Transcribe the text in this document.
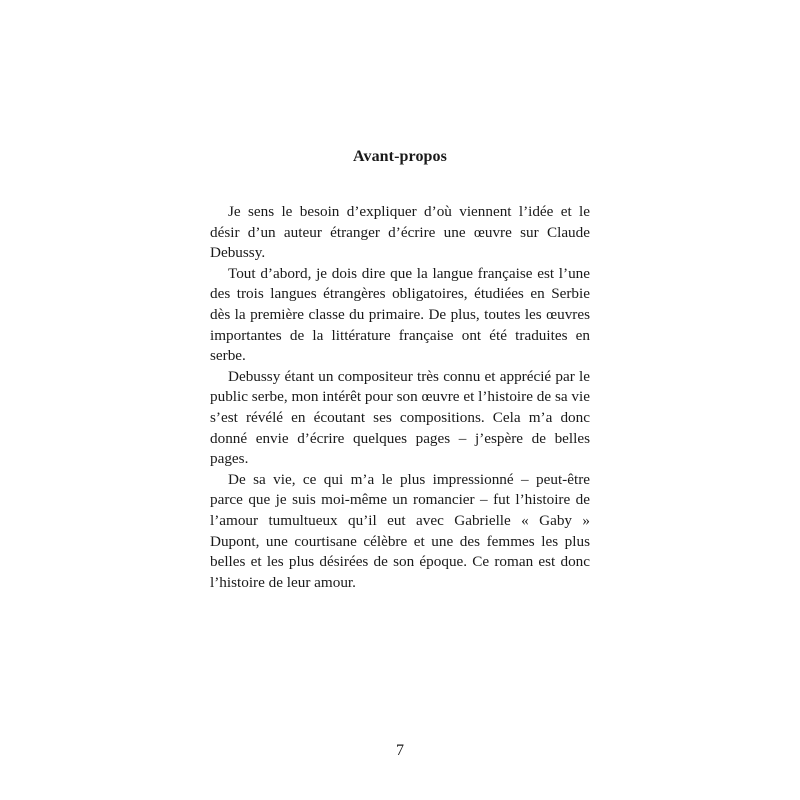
Avant-propos

Je sens le besoin d’expliquer d’où viennent l’idée et le désir d’un auteur étranger d’écrire une œuvre sur Claude Debussy.

Tout d’abord, je dois dire que la langue française est l’une des trois langues étrangères obligatoires, étudiées en Serbie dès la première classe du primaire. De plus, toutes les œuvres importantes de la littérature française ont été traduites en serbe.

Debussy étant un compositeur très connu et apprécié par le public serbe, mon intérêt pour son œuvre et l’histoire de sa vie s’est révélé en écoutant ses compositions. Cela m’a donc donné envie d’écrire quelques pages – j’espère de belles pages.

De sa vie, ce qui m’a le plus impressionné – peut-être parce que je suis moi-même un romancier – fut l’histoire de l’amour tumultueux qu’il eut avec Gabrielle « Gaby » Dupont, une courtisane célèbre et une des femmes les plus belles et les plus désirées de son époque. Ce roman est donc l’histoire de leur amour.

7
